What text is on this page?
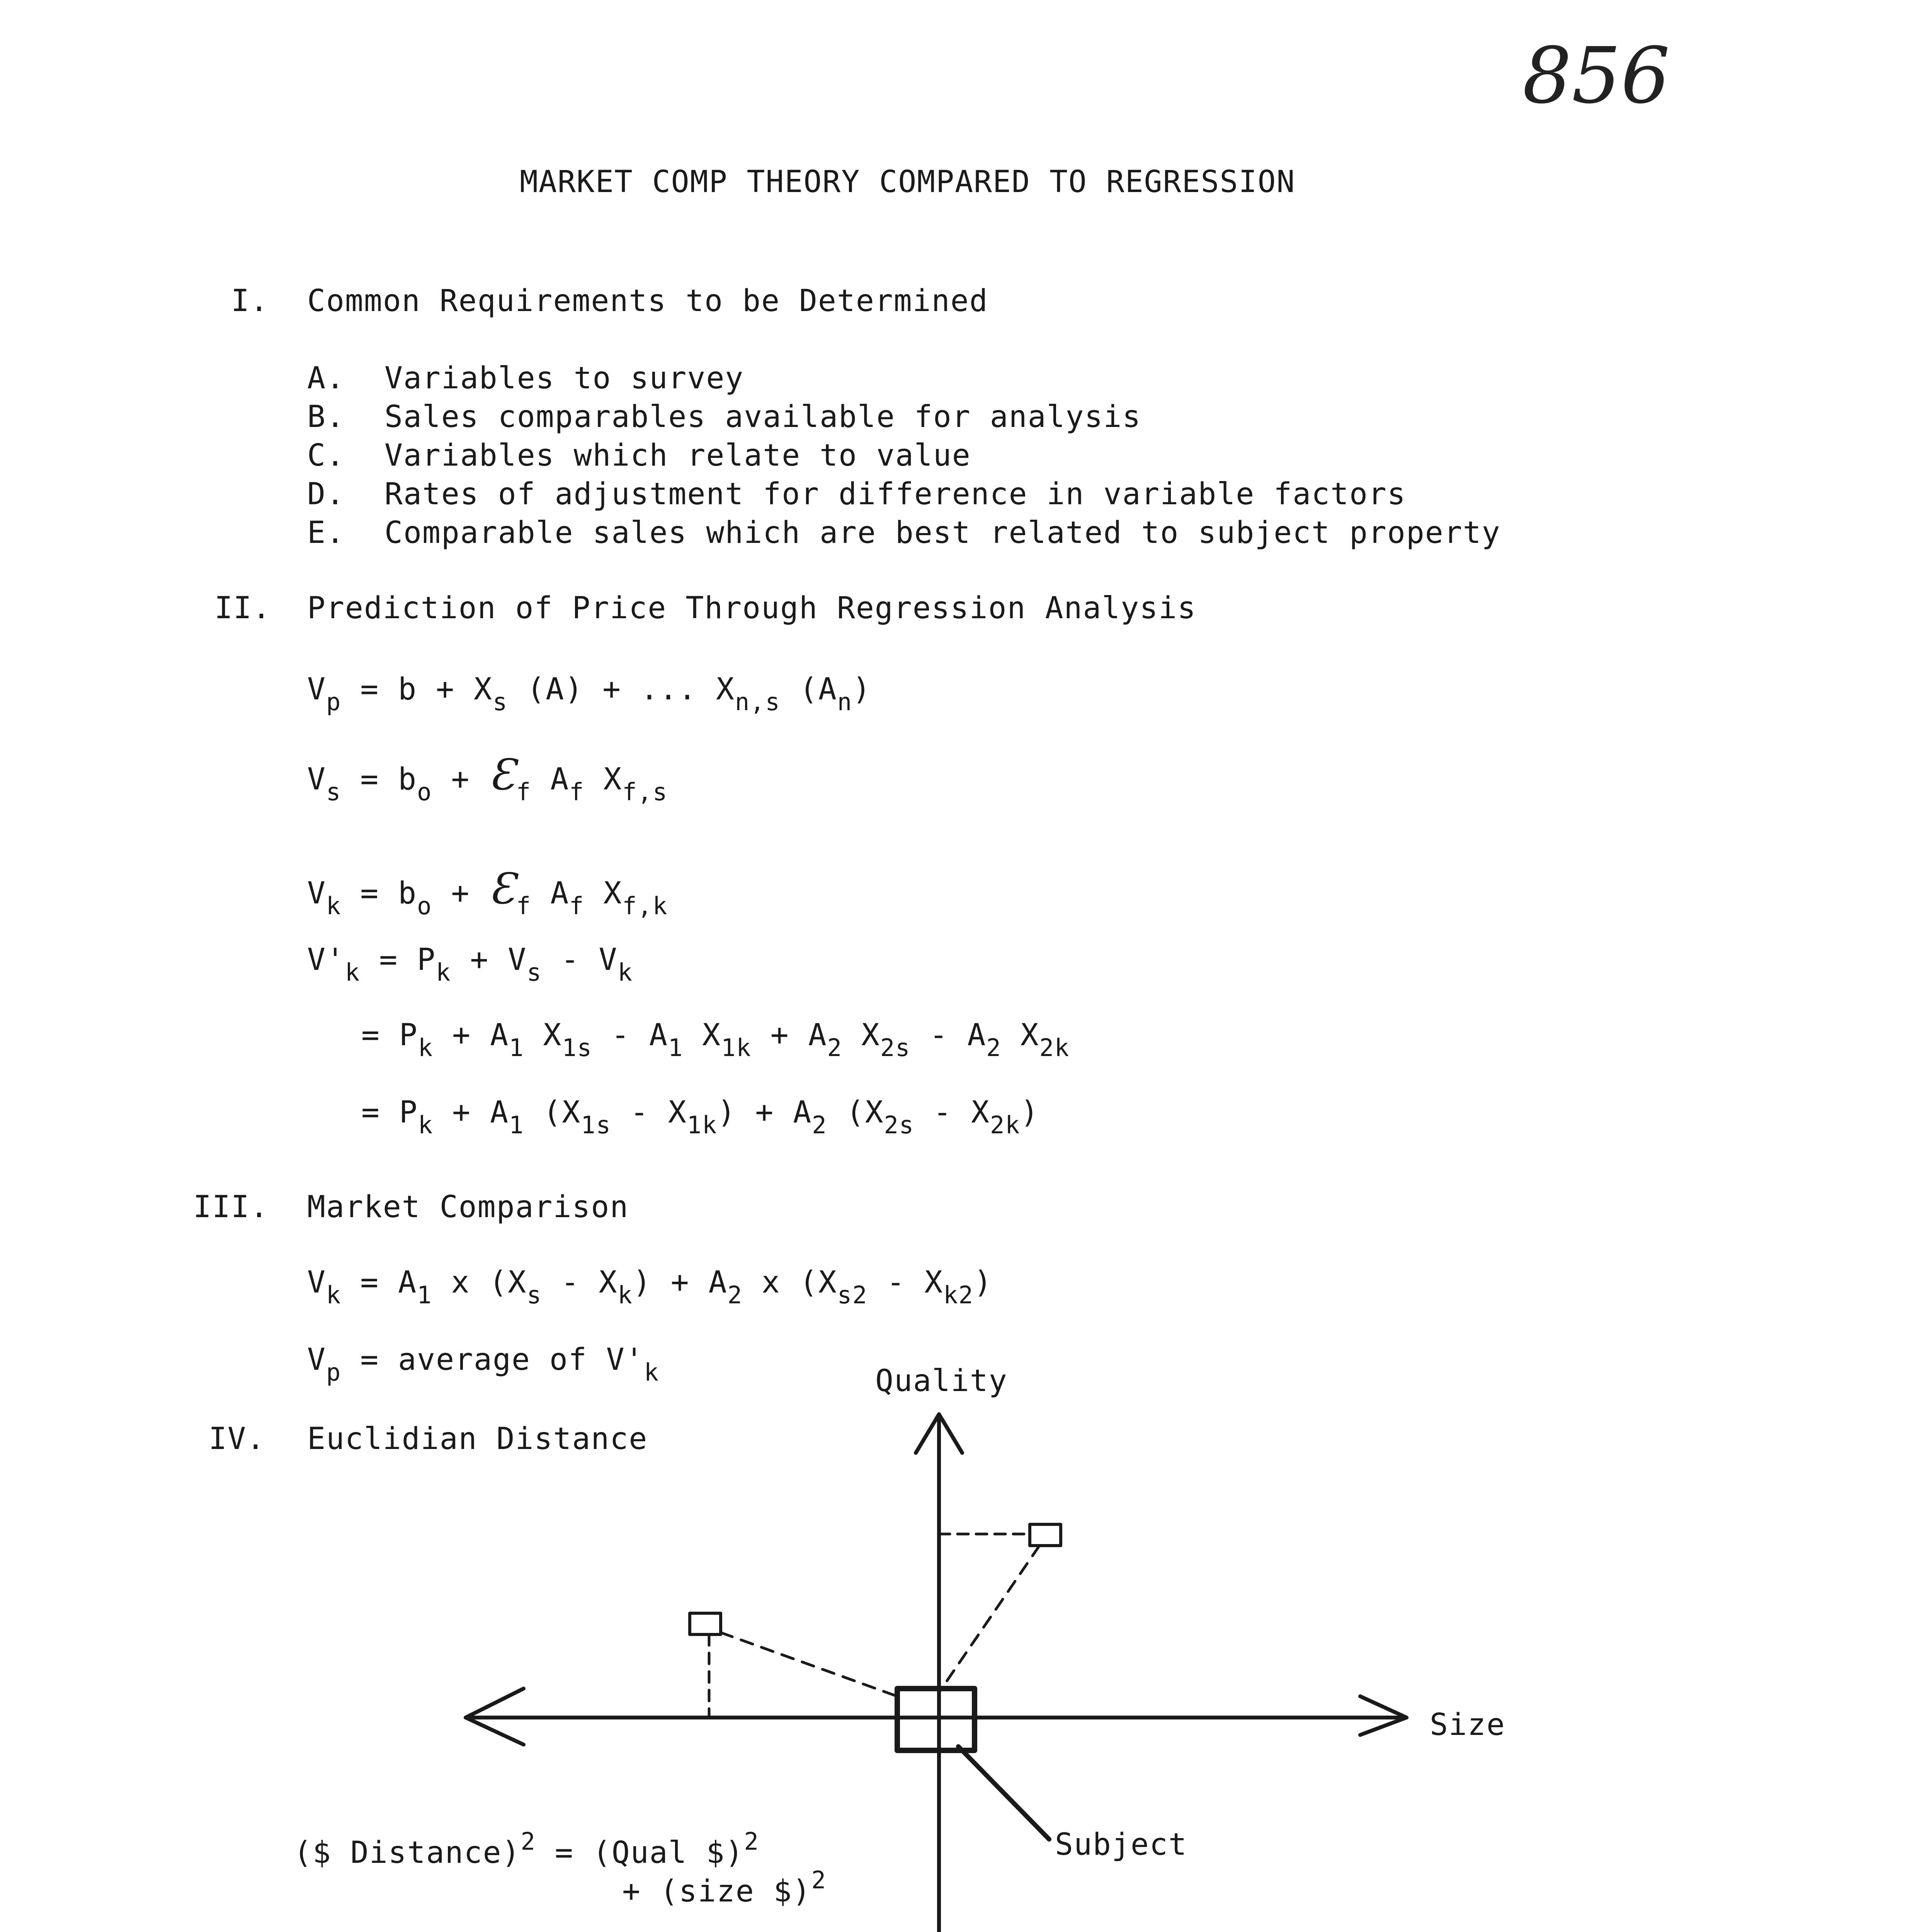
856
MARKET COMP THEORY COMPARED TO REGRESSION
I. Common Requirements to be Determined
A. Variables to survey
B. Sales comparables available for analysis
C. Variables which relate to value
D. Rates of adjustment for difference in variable factors
E. Comparable sales which are best related to subject property
II. Prediction of Price Through Regression Analysis
$V_p = b + X_s$ (A) + ... $X_{n,s}$ $(A_n)$
$V_s = b_o$ + $Ɛ_f$ $A_f$ $X_{f,s}$
$V_k = b_o$ + $Ɛ_f$ $A_f$ $X_{f,k}$
$V'_k = P_k + V_s - V_k$
= $P_k + A_1$ $X_{1s} - A_1$ $X_{1k} + A_2$ $X_{2s} - A_2$ $X_{2k}$
= $P_k + A_1$ $(X_{1s} - X_{1k}) + A_2$ $(X_{2s} - X_{2k})$
III. Market Comparison
$V_k = A_1$ x $(X_s - X_k) + A_2$ x $(X_{s2} - X_{k2})$
$V_p$ = average of $V'_k$
IV. Euclidian Distance
Quality
Size
Subject
($ Distance)$^2$ = (Qual $)$^2$
+ (size $)$^2$
